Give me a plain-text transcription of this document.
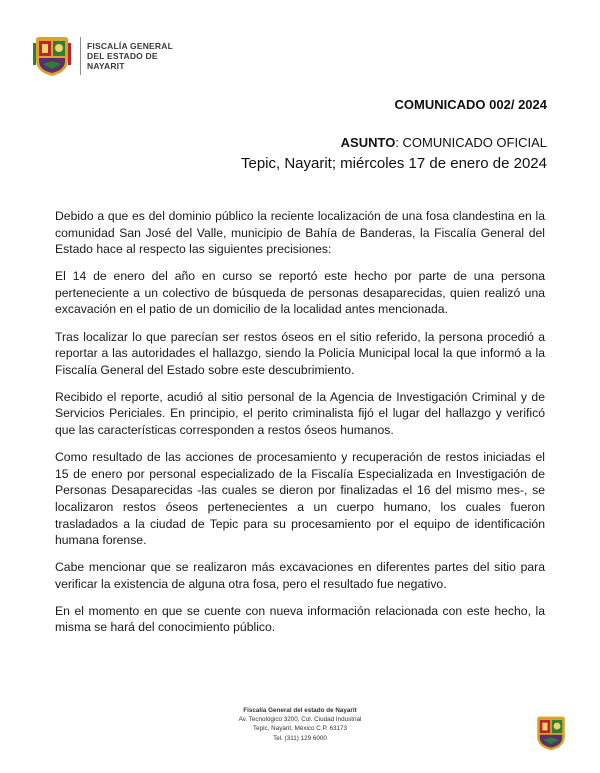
FISCALÍA GENERAL
DEL ESTADO DE
NAYARIT
COMUNICADO 002/ 2024
ASUNTO: COMUNICADO OFICIAL
Tepic, Nayarit; miércoles 17 de enero de 2024

Debido a que es del dominio público la reciente localización de una fosa clandestina en la comunidad San José del Valle, municipio de Bahía de Banderas, la Fiscalía General del Estado hace al respecto las siguientes precisiones:

El 14 de enero del año en curso se reportó este hecho por parte de una persona perteneciente a un colectivo de búsqueda de personas desaparecidas, quien realizó una excavación en el patio de un domicilio de la localidad antes mencionada.

Tras localizar lo que parecían ser restos óseos en el sitio referido, la persona procedió a reportar a las autoridades el hallazgo, siendo la Policía Municipal local la que informó a la Fiscalía General del Estado sobre este descubrimiento.

Recibido el reporte, acudió al sitio personal de la Agencia de Investigación Criminal y de Servicios Periciales. En principio, el perito criminalista fijó el lugar del hallazgo y verificó que las características corresponden a restos óseos humanos.

Como resultado de las acciones de procesamiento y recuperación de restos iniciadas el 15 de enero por personal especializado de la Fiscalía Especializada en Investigación de Personas Desaparecidas -las cuales se dieron por finalizadas el 16 del mismo mes-, se localizaron restos óseos pertenecientes a un cuerpo humano, los cuales fueron trasladados a la ciudad de Tepic para su procesamiento por el equipo de identificación humana forense.

Cabe mencionar que se realizaron más excavaciones en diferentes partes del sitio para verificar la existencia de alguna otra fosa, pero el resultado fue negativo.

En el momento en que se cuente con nueva información relacionada con este hecho, la misma se hará del conocimiento público.

Fiscalía General del estado de Nayarit
Av. Tecnológico 3200, Col. Ciudad Industrial
Tepic, Nayarit. México C.P. 63173
Tel. (311) 129 6000
